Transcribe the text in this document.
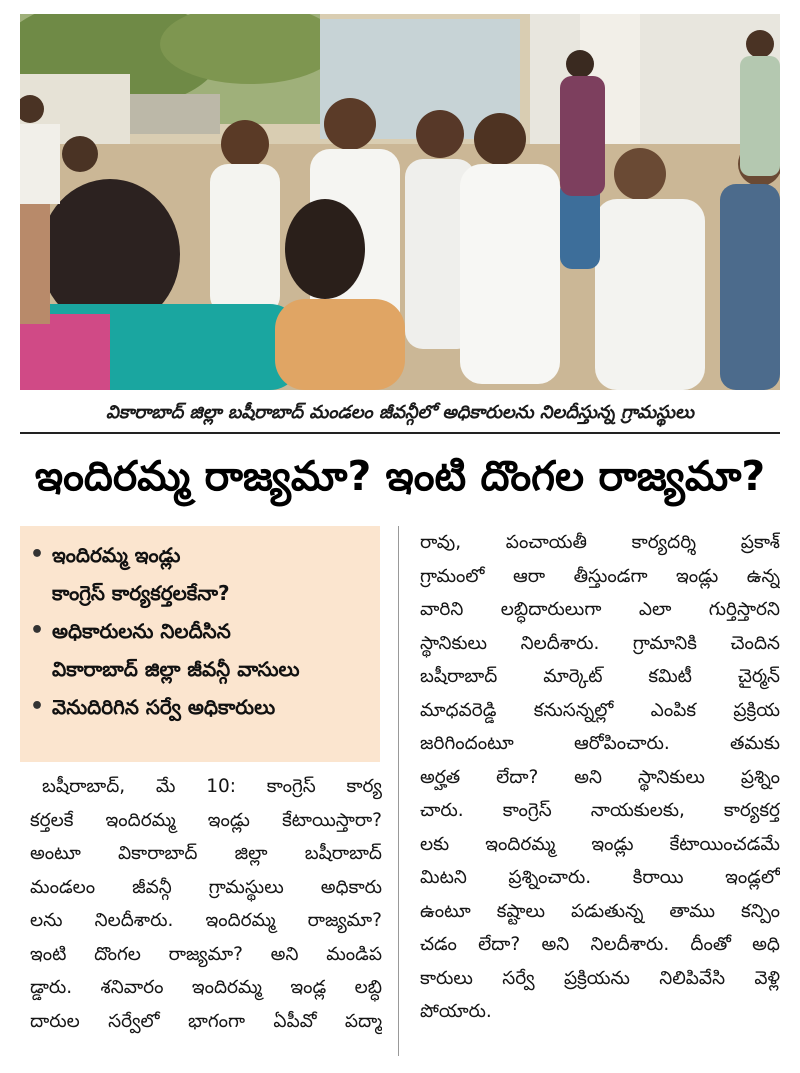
వికారాబాద్ జిల్లా బషీరాబాద్ మండలం జీవన్గీలో అధికారులను నిలదీస్తున్న గ్రామస్థులు
ఇందిరమ్మ రాజ్యమా? ఇంటి దొంగల రాజ్యమా?
• ఇందిరమ్మ ఇండ్లు
కాంగ్రెస్ కార్యకర్తలకేనా?
• అధికారులను నిలదీసిన
వికారాబాద్ జిల్లా జీవన్గీ వాసులు
• వెనుదిరిగిన సర్వే అధికారులు
బషీరాబాద్, మే 10: కాంగ్రెస్ కార్య
కర్తలకే ఇందిరమ్మ ఇండ్లు కేటాయిస్తారా?
అంటూ వికారాబాద్ జిల్లా బషీరాబాద్
మండలం జీవన్గీ గ్రామస్థులు అధికారు
లను నిలదీశారు. ఇందిరమ్మ రాజ్యమా?
ఇంటి దొంగల రాజ్యమా? అని మండిప
డ్డారు. శనివారం ఇందిరమ్మ ఇండ్ల లబ్ధి
దారుల సర్వేలో భాగంగా ఏపీవో పద్మా
రావు, పంచాయతీ కార్యదర్శి ప్రకాశ్
గ్రామంలో ఆరా తీస్తుండగా ఇండ్లు ఉన్న
వారిని లబ్ధిదారులుగా ఎలా గుర్తిస్తారని
స్థానికులు నిలదీశారు. గ్రామానికి చెందిన
బషీరాబాద్ మార్కెట్ కమిటీ చైర్మన్
మాధవరెడ్డి కనుసన్నల్లో ఎంపిక ప్రక్రియ
జరిగిందంటూ ఆరోపించారు. తమకు
అర్హత లేదా? అని స్థానికులు ప్రశ్నిం
చారు. కాంగ్రెస్ నాయకులకు, కార్యకర్త
లకు ఇందిరమ్మ ఇండ్లు కేటాయించడమే
మిటని ప్రశ్నించారు. కిరాయి ఇండ్లలో
ఉంటూ కష్టాలు పడుతున్న తాము కన్పిం
చడం లేదా? అని నిలదీశారు. దీంతో అధి
కారులు సర్వే ప్రక్రియను నిలిపివేసి వెళ్లి
పోయారు.
